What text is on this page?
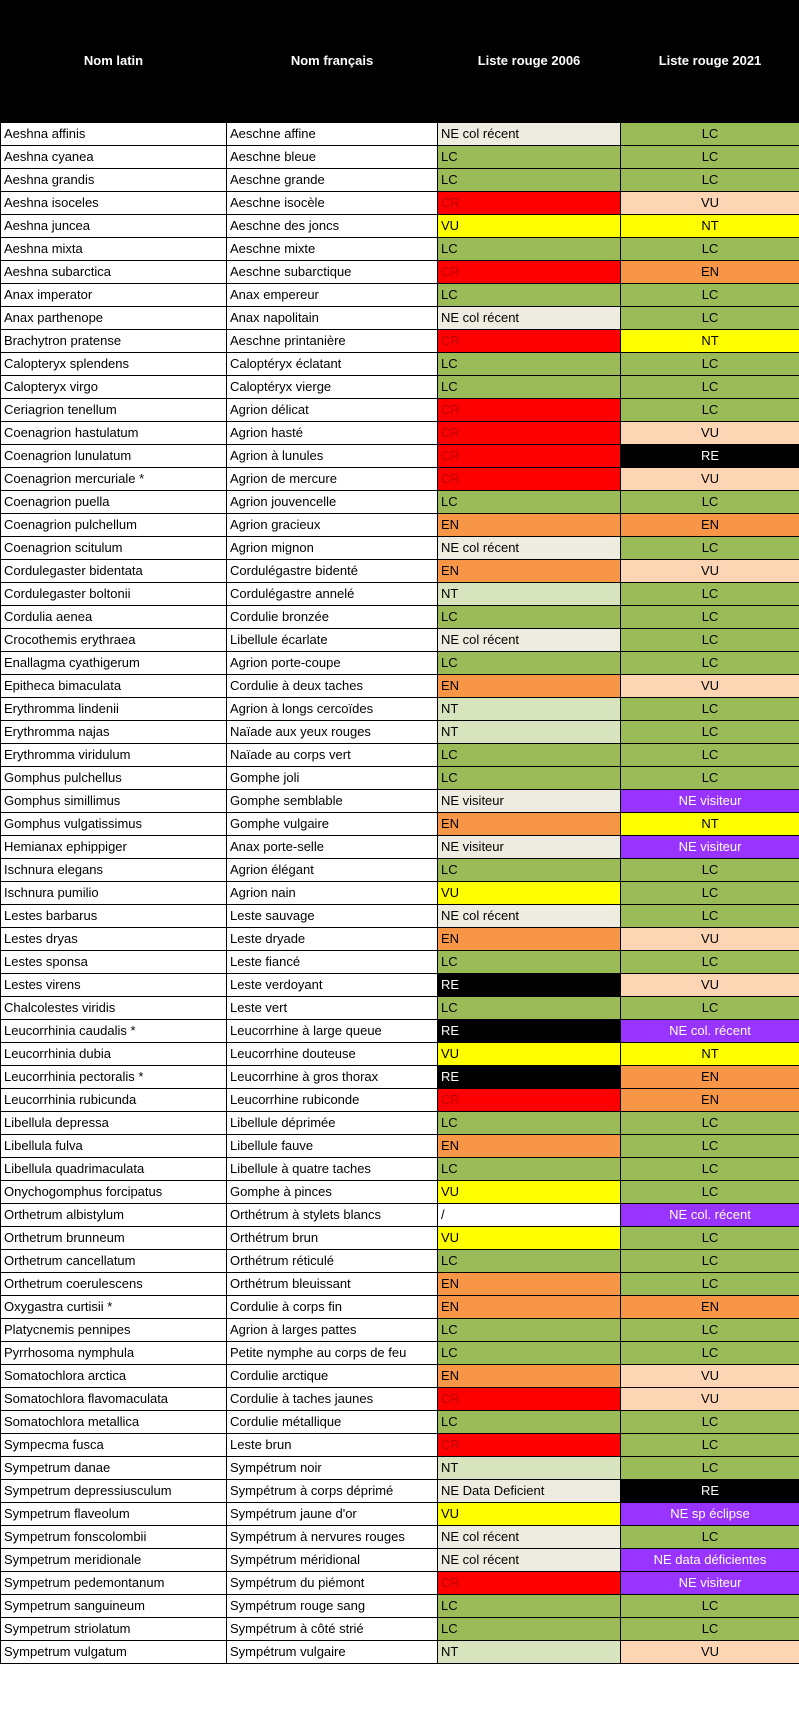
Nom latin	Nom français	Liste rouge 2006	Liste rouge 2021
Aeshna affinis	Aeschne affine	NE col récent	LC
Aeshna cyanea	Aeschne bleue	LC	LC
Aeshna grandis	Aeschne grande	LC	LC
Aeshna isoceles	Aeschne isocèle	CR	VU
Aeshna juncea	Aeschne des joncs	VU	NT
Aeshna mixta	Aeschne mixte	LC	LC
Aeshna subarctica	Aeschne subarctique	CR	EN
Anax imperator	Anax empereur	LC	LC
Anax parthenope	Anax napolitain	NE col récent	LC
Brachytron pratense	Aeschne printanière	CR	NT
Calopteryx splendens	Caloptéryx éclatant	LC	LC
Calopteryx virgo	Caloptéryx vierge	LC	LC
Ceriagrion tenellum	Agrion délicat	CR	LC
Coenagrion hastulatum	Agrion hasté	CR	VU
Coenagrion lunulatum	Agrion à lunules	CR	RE
Coenagrion mercuriale *	Agrion de mercure	CR	VU
Coenagrion puella	Agrion jouvencelle	LC	LC
Coenagrion pulchellum	Agrion gracieux	EN	EN
Coenagrion scitulum	Agrion mignon	NE col récent	LC
Cordulegaster bidentata	Cordulégastre bidenté	EN	VU
Cordulegaster boltonii	Cordulégastre annelé	NT	LC
Cordulia aenea	Cordulie bronzée	LC	LC
Crocothemis erythraea	Libellule écarlate	NE col récent	LC
Enallagma cyathigerum	Agrion porte-coupe	LC	LC
Epitheca bimaculata	Cordulie à deux taches	EN	VU
Erythromma lindenii	Agrion à longs cercoïdes	NT	LC
Erythromma najas	Naïade aux yeux rouges	NT	LC
Erythromma viridulum	Naïade au corps vert	LC	LC
Gomphus pulchellus	Gomphe joli	LC	LC
Gomphus simillimus	Gomphe semblable	NE visiteur	NE visiteur
Gomphus vulgatissimus	Gomphe vulgaire	EN	NT
Hemianax ephippiger	Anax porte-selle	NE visiteur	NE visiteur
Ischnura elegans	Agrion élégant	LC	LC
Ischnura pumilio	Agrion nain	VU	LC
Lestes barbarus	Leste sauvage	NE col récent	LC
Lestes dryas	Leste dryade	EN	VU
Lestes sponsa	Leste fiancé	LC	LC
Lestes virens	Leste verdoyant	RE	VU
Chalcolestes viridis	Leste vert	LC	LC
Leucorrhinia caudalis *	Leucorrhine à large queue	RE	NE col. récent
Leucorrhinia dubia	Leucorrhine douteuse	VU	NT
Leucorrhinia pectoralis *	Leucorrhine à gros thorax	RE	EN
Leucorrhinia rubicunda	Leucorrhine rubiconde	CR	EN
Libellula depressa	Libellule déprimée	LC	LC
Libellula fulva	Libellule fauve	EN	LC
Libellula quadrimaculata	Libellule à quatre taches	LC	LC
Onychogomphus forcipatus	Gomphe à pinces	VU	LC
Orthetrum albistylum	Orthétrum à stylets blancs	/	NE col. récent
Orthetrum brunneum	Orthétrum brun	VU	LC
Orthetrum cancellatum	Orthétrum réticulé	LC	LC
Orthetrum coerulescens	Orthétrum bleuissant	EN	LC
Oxygastra curtisii *	Cordulie à corps fin	EN	EN
Platycnemis pennipes	Agrion à larges pattes	LC	LC
Pyrrhosoma nymphula	Petite nymphe au corps de feu	LC	LC
Somatochlora arctica	Cordulie arctique	EN	VU
Somatochlora flavomaculata	Cordulie à taches jaunes	CR	VU
Somatochlora metallica	Cordulie métallique	LC	LC
Sympecma fusca	Leste brun	CR	LC
Sympetrum danae	Sympétrum noir	NT	LC
Sympetrum depressiusculum	Sympétrum à corps déprimé	NE Data Deficient	RE
Sympetrum flaveolum	Sympétrum jaune d'or	VU	NE sp éclipse
Sympetrum fonscolombii	Sympétrum à nervures rouges	NE col récent	LC
Sympetrum meridionale	Sympétrum méridional	NE col récent	NE data déficientes
Sympetrum pedemontanum	Sympétrum du piémont	CR	NE visiteur
Sympetrum sanguineum	Sympétrum rouge sang	LC	LC
Sympetrum striolatum	Sympétrum à côté strié	LC	LC
Sympetrum vulgatum	Sympétrum vulgaire	NT	VU
